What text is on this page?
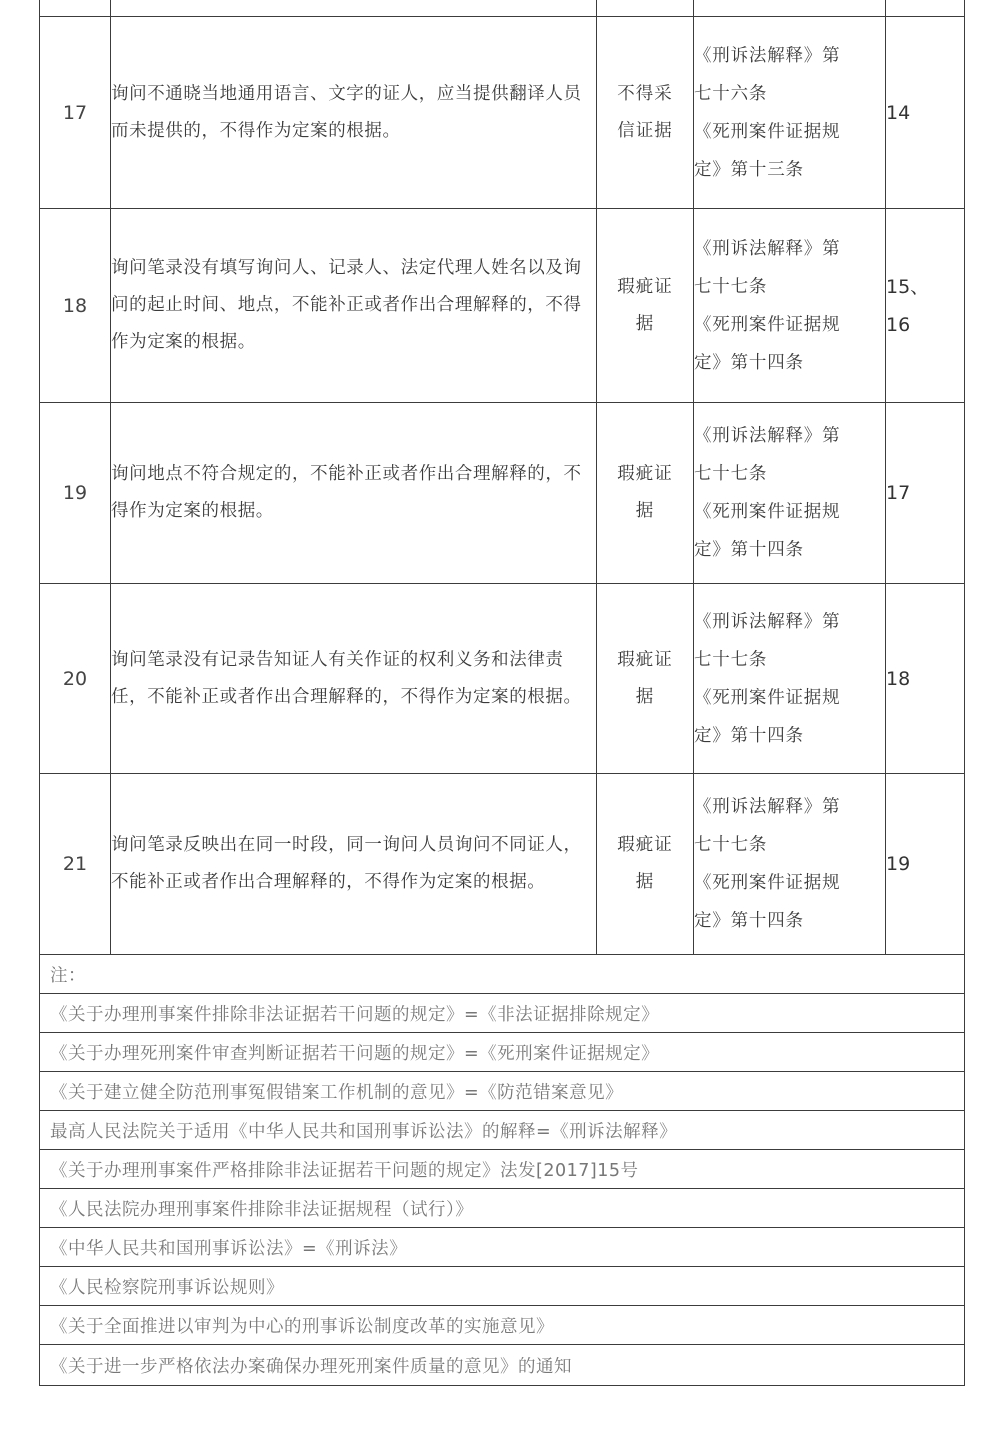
17	询问不通晓当地通用语言、文字的证人，应当提供翻译人员而未提供的，不得作为定案的根据。	不得采
信证据	《刑诉法解释》第
七十六条
《死刑案件证据规
定》第十三条	14
18	询问笔录没有填写询问人、记录人、法定代理人姓名以及询问的起止时间、地点，不能补正或者作出合理解释的，不得作为定案的根据。	瑕疵证
据	《刑诉法解释》第
七十七条
《死刑案件证据规
定》第十四条	15、
16

19	询问地点不符合规定的，不能补正或者作出合理解释的，不得作为定案的根据。	瑕疵证
据	《刑诉法解释》第
七十七条
《死刑案件证据规
定》第十四条	17
20	询问笔录没有记录告知证人有关作证的权利义务和法律责任，不能补正或者作出合理解释的，不得作为定案的根据。	瑕疵证
据	《刑诉法解释》第
七十七条
《死刑案件证据规
定》第十四条	18
21	询问笔录反映出在同一时段，同一询问人员询问不同证人，不能补正或者作出合理解释的，不得作为定案的根据。	瑕疵证
据	《刑诉法解释》第
七十七条
《死刑案件证据规
定》第十四条	19
注：				
《关于办理刑事案件排除非法证据若干问题的规定》=《非法证据排除规定》				
《关于办理死刑案件审查判断证据若干问题的规定》=《死刑案件证据规定》				
《关于建立健全防范刑事冤假错案工作机制的意见》=《防范错案意见》				
最高人民法院关于适用《中华人民共和国刑事诉讼法》的解释=《刑诉法解释》				
《关于办理刑事案件严格排除非法证据若干问题的规定》法发[2017]15号				
《人民法院办理刑事案件排除非法证据规程（试行）》				
《中华人民共和国刑事诉讼法》=《刑诉法》				
《人民检察院刑事诉讼规则》				
《关于全面推进以审判为中心的刑事诉讼制度改革的实施意见》				
《关于进一步严格依法办案确保办理死刑案件质量的意见》的通知				
